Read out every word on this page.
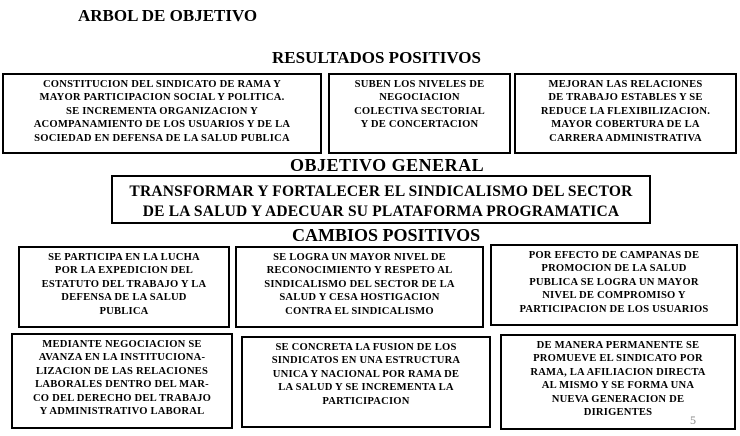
ARBOL DE OBJETIVO
RESULTADOS POSITIVOS
CONSTITUCION DEL SINDICATO DE RAMA Y
MAYOR PARTICIPACION SOCIAL Y POLITICA.
SE INCREMENTA ORGANIZACION Y
ACOMPANAMIENTO DE LOS USUARIOS Y DE LA
SOCIEDAD EN DEFENSA DE LA SALUD PUBLICA
SUBEN LOS NIVELES DE
NEGOCIACION
COLECTIVA SECTORIAL
Y DE CONCERTACION
MEJORAN LAS RELACIONES
DE TRABAJO ESTABLES Y SE
REDUCE LA FLEXIBILIZACION.
MAYOR COBERTURA DE LA
CARRERA ADMINISTRATIVA
OBJETIVO GENERAL
TRANSFORMAR Y FORTALECER EL SINDICALISMO DEL SECTOR
DE LA SALUD Y ADECUAR SU PLATAFORMA PROGRAMATICA
CAMBIOS POSITIVOS
SE PARTICIPA EN LA LUCHA
POR LA EXPEDICION DEL
ESTATUTO DEL TRABAJO Y LA
DEFENSA DE LA SALUD
PUBLICA
SE LOGRA UN MAYOR NIVEL DE
RECONOCIMIENTO Y RESPETO AL
SINDICALISMO DEL SECTOR DE LA
SALUD Y CESA HOSTIGACION
CONTRA EL SINDICALISMO
POR EFECTO DE CAMPANAS DE
PROMOCION DE LA SALUD
PUBLICA SE LOGRA UN MAYOR
NIVEL DE COMPROMISO Y
PARTICIPACION DE LOS USUARIOS
MEDIANTE NEGOCIACION SE
AVANZA EN LA INSTITUCIONA-
LIZACION DE LAS RELACIONES
LABORALES DENTRO DEL MAR-
CO DEL DERECHO DEL TRABAJO
Y ADMINISTRATIVO LABORAL
SE CONCRETA LA FUSION DE LOS
SINDICATOS EN UNA ESTRUCTURA
UNICA Y NACIONAL POR RAMA DE
LA SALUD Y SE INCREMENTA LA
PARTICIPACION
DE MANERA PERMANENTE SE
PROMUEVE EL SINDICATO POR
RAMA, LA AFILIACION DIRECTA
AL MISMO Y SE FORMA UNA
NUEVA GENERACION DE
DIRIGENTES
5
